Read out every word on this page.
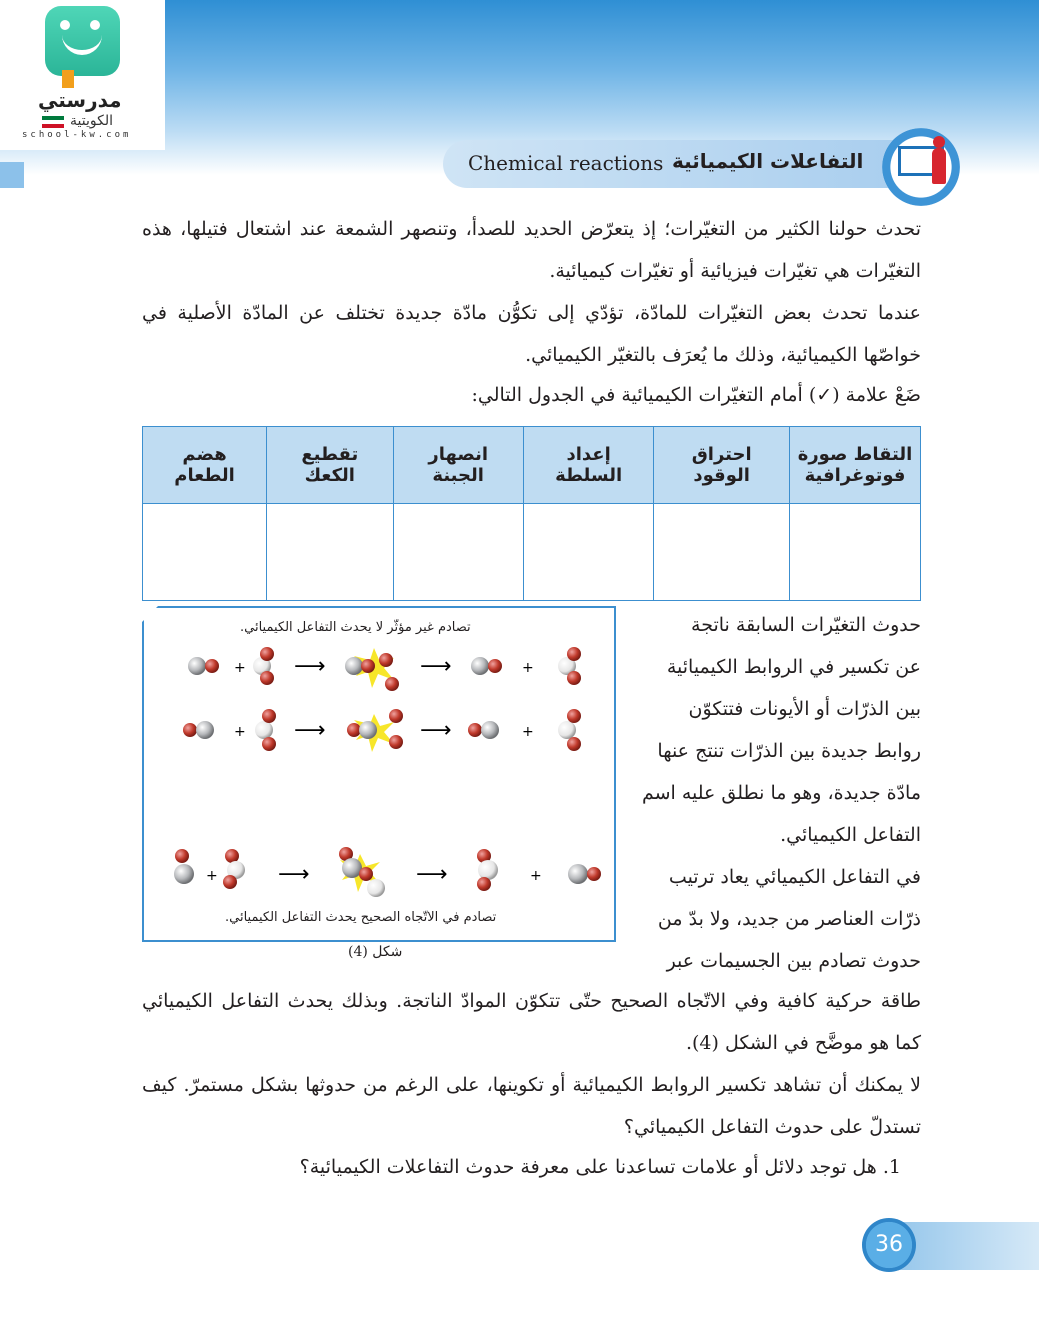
مدرستي
الكويتية
school-kw.com
Chemical reactions التفاعلات الكيميائية
تحدث حولنا الكثير من التغيّرات؛ إذ يتعرّض الحديد للصدأ، وتنصهر الشمعة عند اشتعال فتيلها، هذه التغيّرات هي تغيّرات فيزيائية أو تغيّرات كيميائية.
عندما تحدث بعض التغيّرات للمادّة، تؤدّي إلى تكوُّن مادّة جديدة تختلف عن المادّة الأصلية في خواصّها الكيميائية، وذلك ما يُعرَف بالتغيّر الكيميائي.
ضَعْ علامة (✓) أمام التغيّرات الكيميائية في الجدول التالي:
التقاط صورة فوتوغرافية	احتراق الوقود	إعداد السلطة	انصهار الجبنة	تقطيع الكعك	هضم الطعام

تصادم غير مؤثّر لا يحدث التفاعل الكيميائي.
+ ⟶	⟶	+
+ ⟶	⟶	+
+	⟶	⟶	+
تصادم في الاتّجاه الصحيح يحدث التفاعل الكيميائي.
شكل (4)
حدوث التغيّرات السابقة ناتجة
عن تكسير في الروابط الكيميائية
بين الذرّات أو الأيونات فتتكوّن
روابط جديدة بين الذرّات تنتج عنها
مادّة جديدة، وهو ما نطلق عليه اسم
التفاعل الكيميائي.
في التفاعل الكيميائي يعاد ترتيب
ذرّات العناصر من جديد، ولا بدّ من
حدوث تصادم بين الجسيمات عبر
طاقة حركية كافية وفي الاتّجاه الصحيح حتّى تتكوّن الموادّ الناتجة. وبذلك يحدث التفاعل الكيميائي كما هو موضَّح في الشكل (4).
لا يمكنك أن تشاهد تكسير الروابط الكيميائية أو تكوينها، على الرغم من حدوثها بشكل مستمرّ. كيف تستدلّ على حدوث التفاعل الكيميائي؟
1. هل توجد دلائل أو علامات تساعدنا على معرفة حدوث التفاعلات الكيميائية؟
36
